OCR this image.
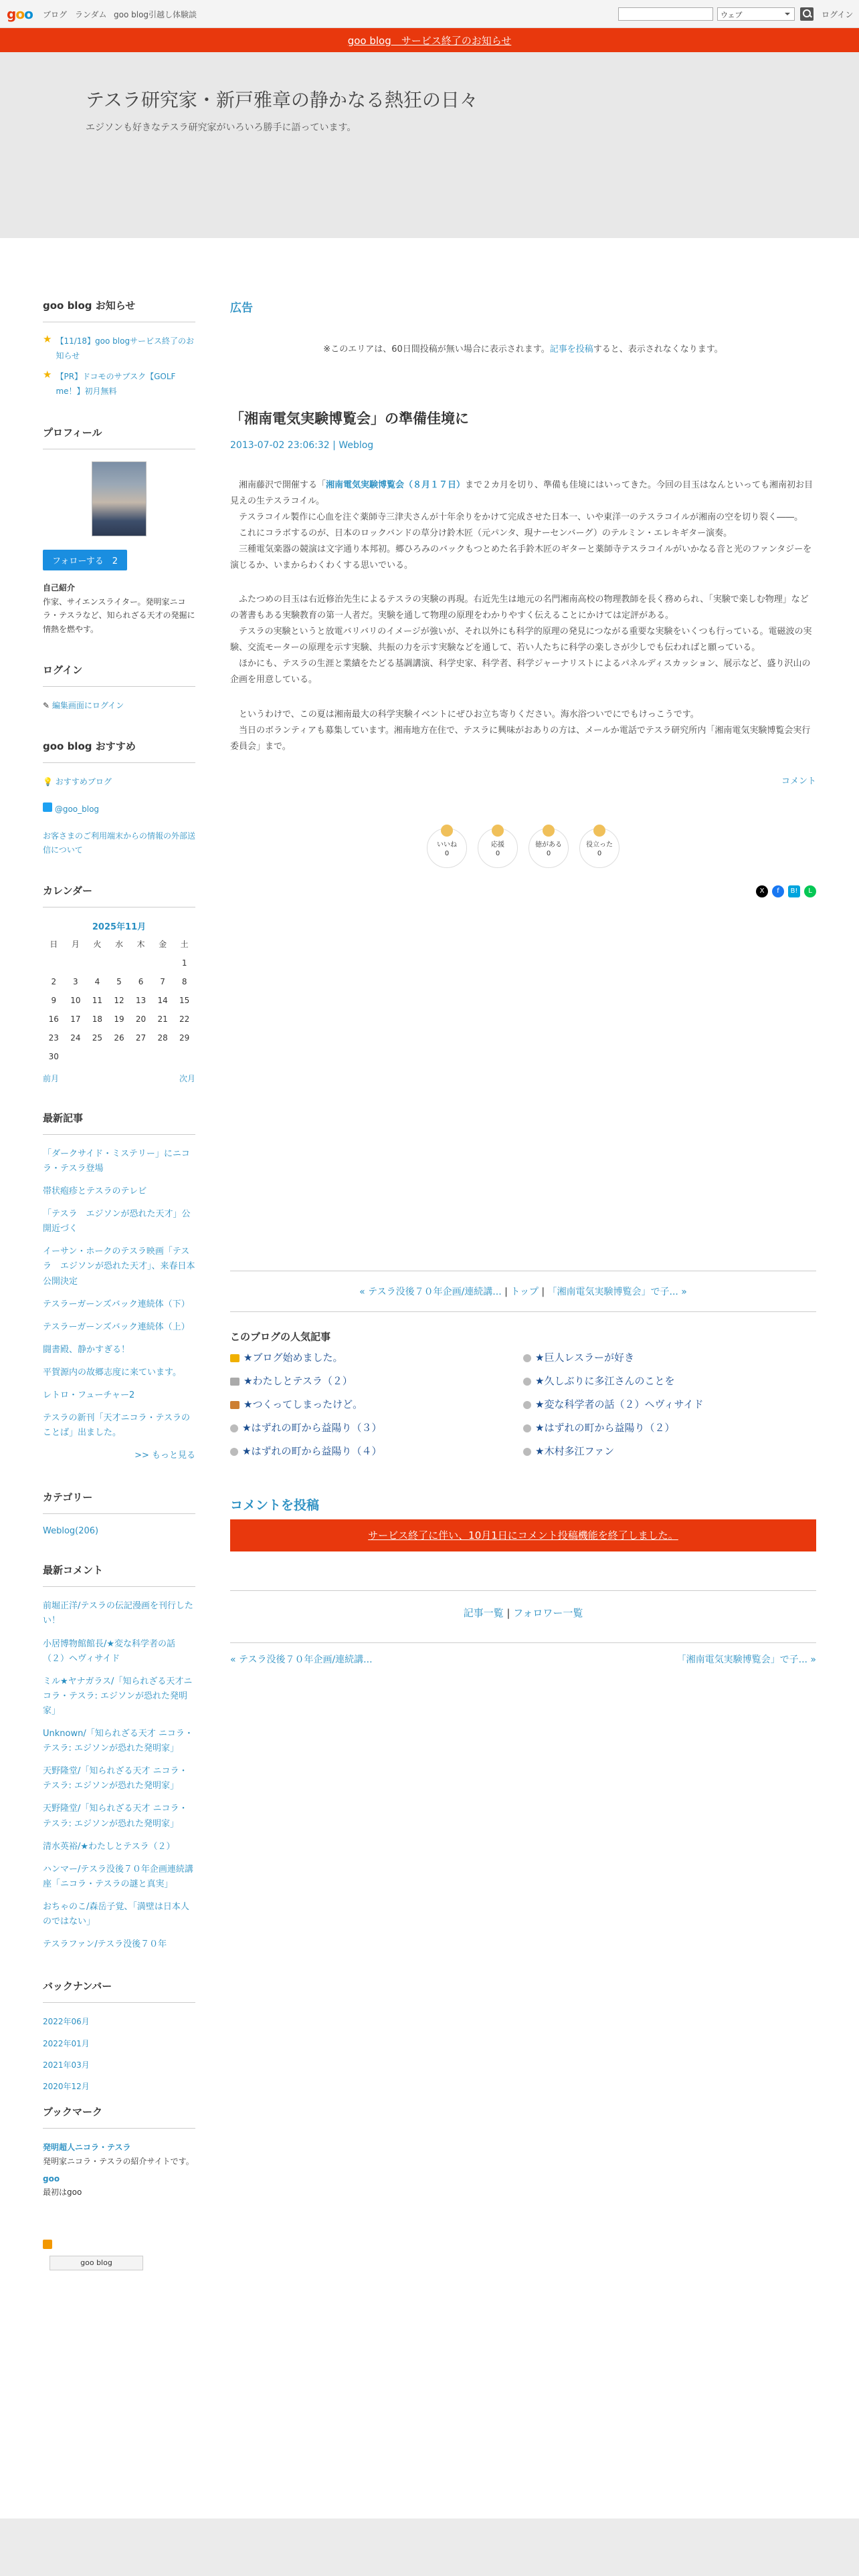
goo ブログ ランダム goo blog引越し体験談	ウェブ	ログイン
goo blog　サービス終了のお知らせ
テスラ研究家・新戸雅章の静かなる熱狂の日々

エジソンも好きなテスラ研究家がいろいろ勝手に語っています。

goo blog お知らせ
★ 【11/18】goo blogサービス終了のお知らせ
★ 【PR】ドコモのサブスク【GOLF me！】初月無料
プロフィール
フォローする　2

自己紹介

作家、サイエンスライター。発明家ニコラ・テスラなど、知られざる天才の発掘に情熱を燃やす。

ログイン

✎ 編集画面にログイン

goo blog おすすめ

💡 おすすめブログ

@goo_blog

お客さまのご利用端末からの情報の外部送信について

カレンダー
2025年11月
日	月	火	水	木	金	土
						1
2	3	4	5	6	7	8
9	10	11	12	13	14	15
16	17	18	19	20	21	22
23	24	25	26	27	28	29
30						
前月	次月
最新記事
「ダークサイド・ミステリー」にニコラ・テスラ登場
帯状疱疹とテスラのテレビ
「テスラ　エジソンが恐れた天才」公開近づく
イーサン・ホークのテスラ映画「テスラ　エジソンが恐れた天才」、来春日本公開決定
テスラーガーンズバック連続体（下）
テスラーガーンズバック連続体（上）
闘書殿、静かすぎる！
平賀源内の故郷志度に来ています。
レトロ・フューチャー2
テスラの新刊「天才ニコラ・テスラのことば」出ました。

>> もっと見る

カテゴリー
Weblog(206)
最新コメント
前堀正洋/テスラの伝記漫画を刊行したい！
小居博物館館長/★変な科学者の話（２）ヘヴィサイド
ミル★ヤナガラス/「知られざる天才ニコラ・テスラ: エジソンが恐れた発明家」
Unknown/「知られざる天才 ニコラ・テスラ: エジソンが恐れた発明家」
天野隆堂/「知られざる天才 ニコラ・テスラ: エジソンが恐れた発明家」
天野隆堂/「知られざる天才 ニコラ・テスラ: エジソンが恐れた発明家」
清水英裕/★わたしとテスラ（２）
ハンマー/テスラ没後７０年企画連続講座「ニコラ・テスラの謎と真実」
おちゃのこ/森岳子覚、「満壁は日本人のではない」
テスラファン/テスラ没後７０年
バックナンバー
2022年06月
2022年01月
2021年03月
2020年12月
ブックマーク

発明超人ニコラ・テスラ

発明家ニコラ・テスラの紹介サイトです。

goo

最初はgoo

goo blog
広告

※このエリアは、60日間投稿が無い場合に表示されます。記事を投稿すると、表示されなくなります。

「湘南電気実験博覧会」の準備佳境に
2013-07-02 23:06:32 | Weblog

　湘南藤沢で開催する「湘南電気実験博覧会（８月１７日）まで２カ月を切り、準備も佳境にはいってきた。今回の目玉はなんといっても湘南初お目見えの生テスラコイル。
　テスラコイル製作に心血を注ぐ薬師寺三津夫さんが十年余りをかけて完成させた日本一、いや東洋一のテスラコイルが湘南の空を切り裂く――。
　これにコラボするのが、日本のロックバンドの草分け鈴木匠（元パンタ、現ナーセンバーグ）のテルミン・エレキギター演奏。
　三種電気楽器の競演は文字通り本邦初。郷ひろみのバックもつとめた名手鈴木匠のギターと薬師寺テスラコイルがいかなる音と光のファンタジーを演じるか、いまからわくわくする思いでいる。

　ふたつめの目玉は右近修治先生によるテスラの実験の再現。右近先生は地元の名門湘南高校の物理教師を長く務められ、「実験で楽しむ物理」などの著書もある実験教育の第一人者だ。実験を通して物理の原理をわかりやすく伝えることにかけては定評がある。
　テスラの実験というと放電バリバリのイメージが強いが、それ以外にも科学的原理の発見につながる重要な実験をいくつも行っている。電磁波の実験、交流モーターの原理を示す実験、共振の力を示す実験などを通して、若い人たちに科学の楽しさが少しでも伝わればと願っている。
　ほかにも、テスラの生涯と業績をたどる基調講演、科学史家、科学者、科学ジャーナリストによるパネルディスカッション、展示など、盛り沢山の企画を用意している。

　というわけで、この夏は湘南最大の科学実験イベントにぜひお立ち寄りください。海水浴ついでにでもけっこうです。
　当日のボランティアも募集しています。湘南地方在住で、テスラに興味がおありの方は、メールか電話でテスラ研究所内「湘南電気実験博覧会実行委員会」まで。

コメント
いいね
0
応援
0
徳がある
0
役立った
0
X	f	B!	L
« テスラ没後７０年企画/連続講... | トップ | 「湘南電気実験博覧会」で子... »
このブログの人気記事
★ブログ始めました。	★巨人レスラーが好き
★わたしとテスラ（２）	★久しぶりに多江さんのことを
★つくってしまったけど。	★変な科学者の話（２）ヘヴィサイド
★はずれの町から益陽り（３）	★はずれの町から益陽り（２）
★はずれの町から益陽り（４）	★木村多江ファン
コメントを投稿
サービス終了に伴い、10月1日にコメント投稿機能を終了しました。
記事一覧 | フォロワー一覧
« テスラ没後７０年企画/連続講...	「湘南電気実験博覧会」で子... »
